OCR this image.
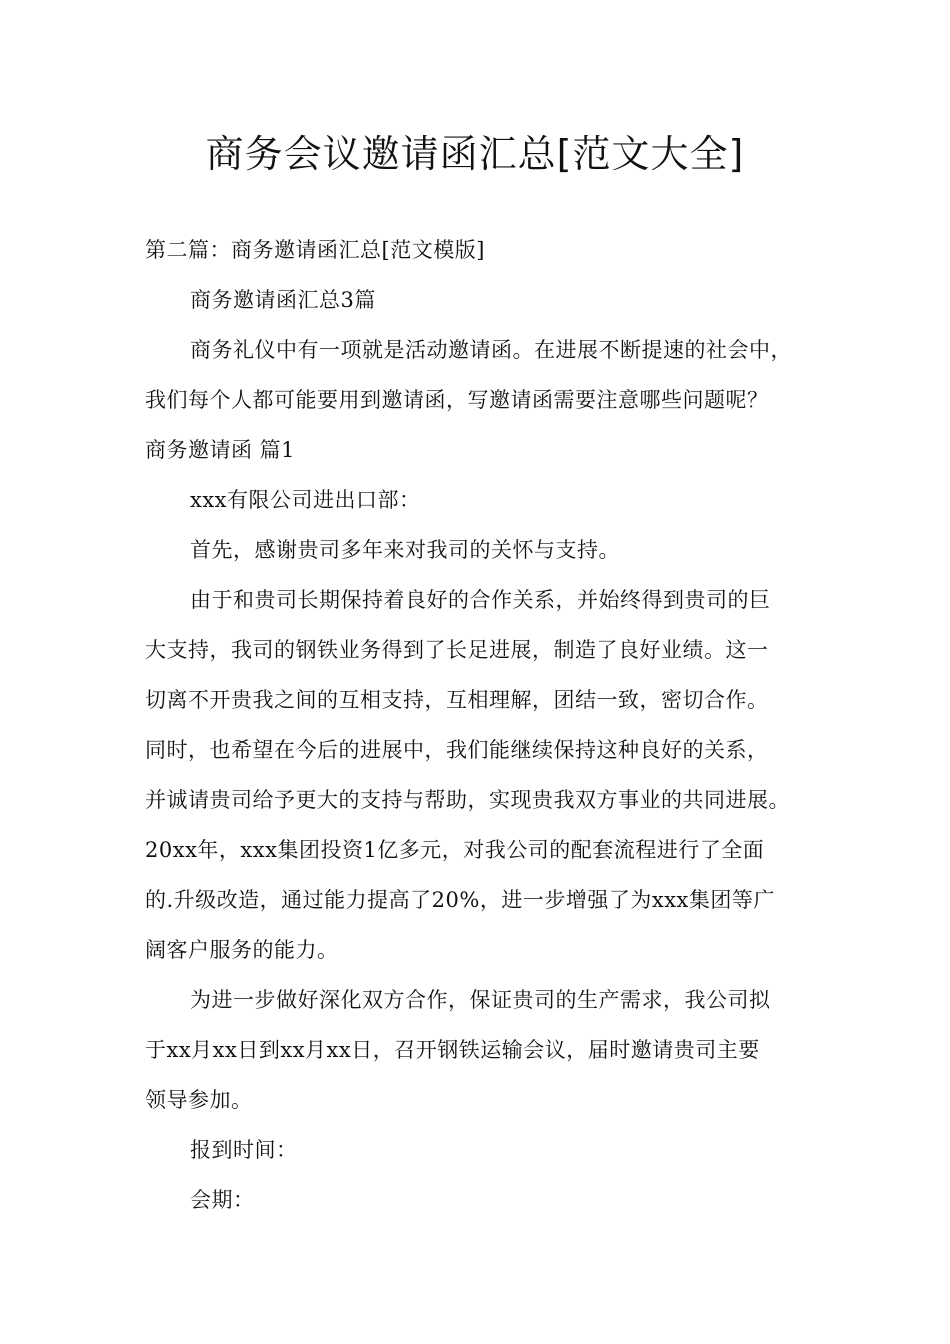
商务会议邀请函汇总[范文大全]
第二篇：商务邀请函汇总[范文模版]
商务邀请函汇总3篇
商务礼仪中有一项就是活动邀请函。在进展不断提速的社会中，
我们每个人都可能要用到邀请函，写邀请函需要注意哪些问题呢？
商务邀请函 篇1
xxx有限公司进出口部：
首先，感谢贵司多年来对我司的关怀与支持。
由于和贵司长期保持着良好的合作关系，并始终得到贵司的巨
大支持，我司的钢铁业务得到了长足进展，制造了良好业绩。这一
切离不开贵我之间的互相支持，互相理解，团结一致，密切合作。
同时，也希望在今后的进展中，我们能继续保持这种良好的关系，
并诚请贵司给予更大的支持与帮助，实现贵我双方事业的共同进展。
20xx年，xxx集团投资1亿多元，对我公司的配套流程进行了全面
的.升级改造，通过能力提高了20%，进一步增强了为xxx集团等广
阔客户服务的能力。
为进一步做好深化双方合作，保证贵司的生产需求，我公司拟
于xx月xx日到xx月xx日，召开钢铁运输会议，届时邀请贵司主要
领导参加。
报到时间：
会期：
